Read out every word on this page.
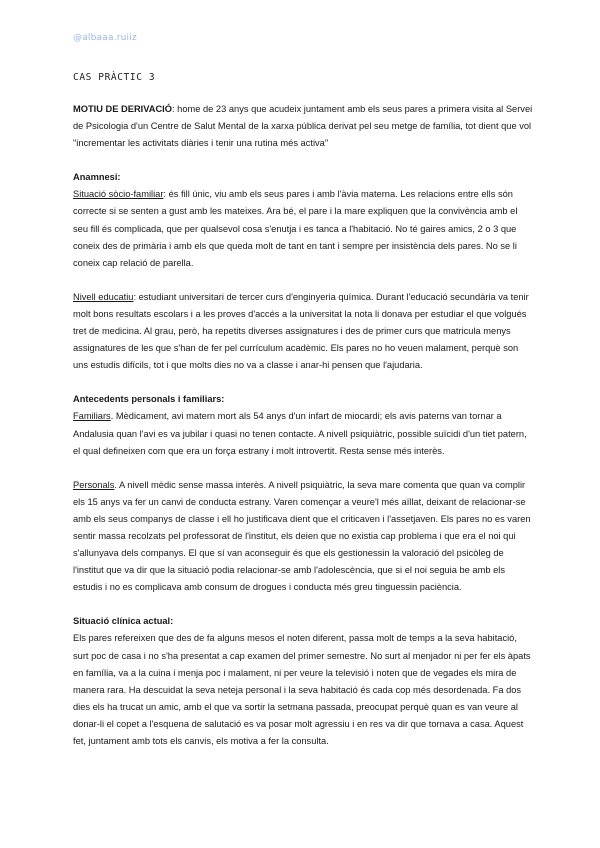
@albaaa.ruiiz
CAS PRÀCTIC 3

MOTIU DE DERIVACIÓ: home de 23 anys que acudeix juntament amb els seus pares a primera visita al Servei de Psicologia d'un Centre de Salut Mental de la xarxa pública derivat pel seu metge de família, tot dient que vol "incrementar les activitats diàries i tenir una rutina més activa"

Anamnesi:

Situació sòcio-familiar: és fill únic, viu amb els seus pares i amb l'àvia materna. Les relacions entre ells són correcte si se senten a gust amb les mateixes. Ara bé, el pare i la mare expliquen que la convivència amb el seu fill és complicada, que per qualsevol cosa s'enutja i es tanca a l'habitació. No té gaires amics, 2 o 3 que coneix des de primària i amb els que queda molt de tant en tant i sempre per insistència dels pares. No se li coneix cap relació de parella.

Nivell educatiu: estudiant universitari de tercer curs d'enginyeria química. Durant l'educació secundària va tenir molt bons resultats escolars i a les proves d'accés a la universitat la nota li donava per estudiar el que volgués tret de medicina. Al grau, però, ha repetits diverses assignatures i des de primer curs que matricula menys assignatures de les que s'han de fer pel currículum acadèmic. Els pares no ho veuen malament, perquè son uns estudis difícils, tot i que molts dies no va a classe i anar-hi pensen que l'ajudaria.

Antecedents personals i familiars:

Familiars. Mèdicament, avi matern mort als 54 anys d'un infart de miocardi; els avis paterns van tornar a Andalusia quan l'avi es va jubilar i quasi no tenen contacte. A nivell psiquiàtric, possible suïcidi d'un tiet patern, el qual defineixen com que era un força estrany i molt introvertit. Resta sense més interès.

Personals. A nivell mèdic sense massa interès. A nivell psiquiàtric, la seva mare comenta que quan va complir els 15 anys va fer un canvi de conducta estrany. Varen començar a veure'l més aïllat, deixant de relacionar-se amb els seus companys de classe i ell ho justificava dient que el criticaven i l'assetjaven. Els pares no es varen sentir massa recolzats pel professorat de l'institut, els deien que no existia cap problema i que era el noi qui s'allunyava dels companys. El que sí van aconseguir és que els gestionessin la valoració del psicòleg de l'institut que va dir que la situació podia relacionar-se amb l'adolescència, que si el noi seguia be amb els estudis i no es complicava amb consum de drogues i conducta més greu tinguessin paciència.

Situació clínica actual:

Els pares refereixen que des de fa alguns mesos el noten diferent, passa molt de temps a la seva habitació, surt poc de casa i no s'ha presentat a cap examen del primer semestre. No surt al menjador ni per fer els àpats en família, va a la cuina i menja poc i malament, ni per veure la televisió i noten que de vegades els mira de manera rara. Ha descuidat la seva neteja personal i la seva habitació és cada cop més desordenada. Fa dos dies els ha trucat un amic, amb el que va sortir la setmana passada, preocupat perquè quan es van veure al donar-li el copet a l'esquena de salutació es va posar molt agressiu i en res va dir que tornava a casa. Aquest fet, juntament amb tots els canvis, els motiva a fer la consulta.
